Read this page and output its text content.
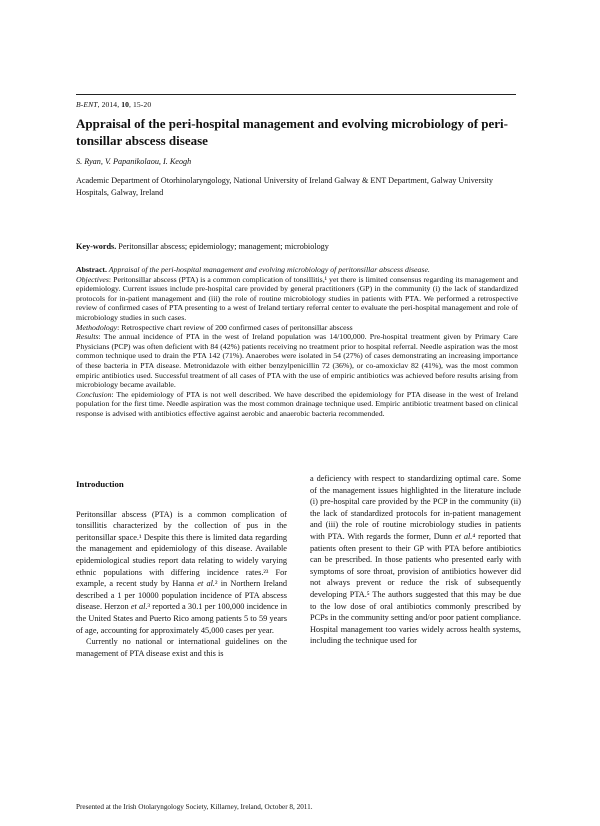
B-ENT, 2014, 10, 15-20
Appraisal of the peri-hospital management and evolving microbiology of peri-tonsillar abscess disease
S. Ryan, V. Papanikolaou, I. Keogh
Academic Department of Otorhinolaryngology, National University of Ireland Galway & ENT Department, Galway University Hospitals, Galway, Ireland
Key-words. Peritonsillar abscess; epidemiology; management; microbiology

Abstract. Appraisal of the peri-hospital management and evolving microbiology of peritonsillar abscess disease.

Objectives: Peritonsillar abscess (PTA) is a common complication of tonsillitis,¹ yet there is limited consensus regarding its management and epidemiology. Current issues include pre-hospital care provided by general practitioners (GP) in the community (i) the lack of standardized protocols for in-patient management and (iii) the role of routine microbiology studies in patients with PTA. We performed a retrospective review of confirmed cases of PTA presenting to a west of Ireland tertiary referral center to evaluate the peri-hospital management and role of microbiology studies in such cases.

Methodology: Retrospective chart review of 200 confirmed cases of peritonsillar abscess

Results: The annual incidence of PTA in the west of Ireland population was 14/100,000. Pre-hospital treatment given by Primary Care Physicians (PCP) was often deficient with 84 (42%) patients receiving no treatment prior to hospital referral. Needle aspiration was the most common technique used to drain the PTA 142 (71%). Anaerobes were isolated in 54 (27%) of cases demonstrating an increasing importance of these bacteria in PTA disease. Metronidazole with either benzylpenicillin 72 (36%), or co-amoxiclav 82 (41%), was the most common empiric antibiotics used. Successful treatment of all cases of PTA with the use of empiric antibiotics was achieved before results arising from microbiology became available.

Conclusion: The epidemiology of PTA is not well described. We have described the epidemiology for PTA disease in the west of Ireland population for the first time. Needle aspiration was the most common drainage technique used. Empiric antibiotic treatment based on clinical response is advised with antibiotics effective against aerobic and anaerobic bacteria recommended.

Introduction

Peritonsillar abscess (PTA) is a common complication of tonsillitis characterized by the collection of pus in the peritonsillar space.¹ Despite this there is limited data regarding the management and epidemiology of this disease. Available epidemiological studies report data relating to widely varying ethnic populations with differing incidence rates.²³ For example, a recent study by Hanna et al.² in Northern Ireland described a 1 per 10000 population incidence of PTA abscess disease. Herzon et al.³ reported a 30.1 per 100,000 incidence in the United States and Puerto Rico among patients 5 to 59 years of age, accounting for approximately 45,000 cases per year.

Currently no national or international guidelines on the management of PTA disease exist and this is

a deficiency with respect to standardizing optimal care. Some of the management issues highlighted in the literature include (i) pre-hospital care provided by the PCP in the community (ii) the lack of standardized protocols for in-patient management and (iii) the role of routine microbiology studies in patients with PTA. With regards the former, Dunn et al.⁴ reported that patients often present to their GP with PTA before antibiotics can be prescribed. In those patients who presented early with symptoms of sore throat, provision of antibiotics however did not always prevent or reduce the risk of subsequently developing PTA.⁵ The authors suggested that this may be due to the low dose of oral antibiotics commonly prescribed by PCPs in the community setting and/or poor patient compliance. Hospital management too varies widely across health systems, including the technique used for

Presented at the Irish Otolaryngology Society, Killarney, Ireland, October 8, 2011.
